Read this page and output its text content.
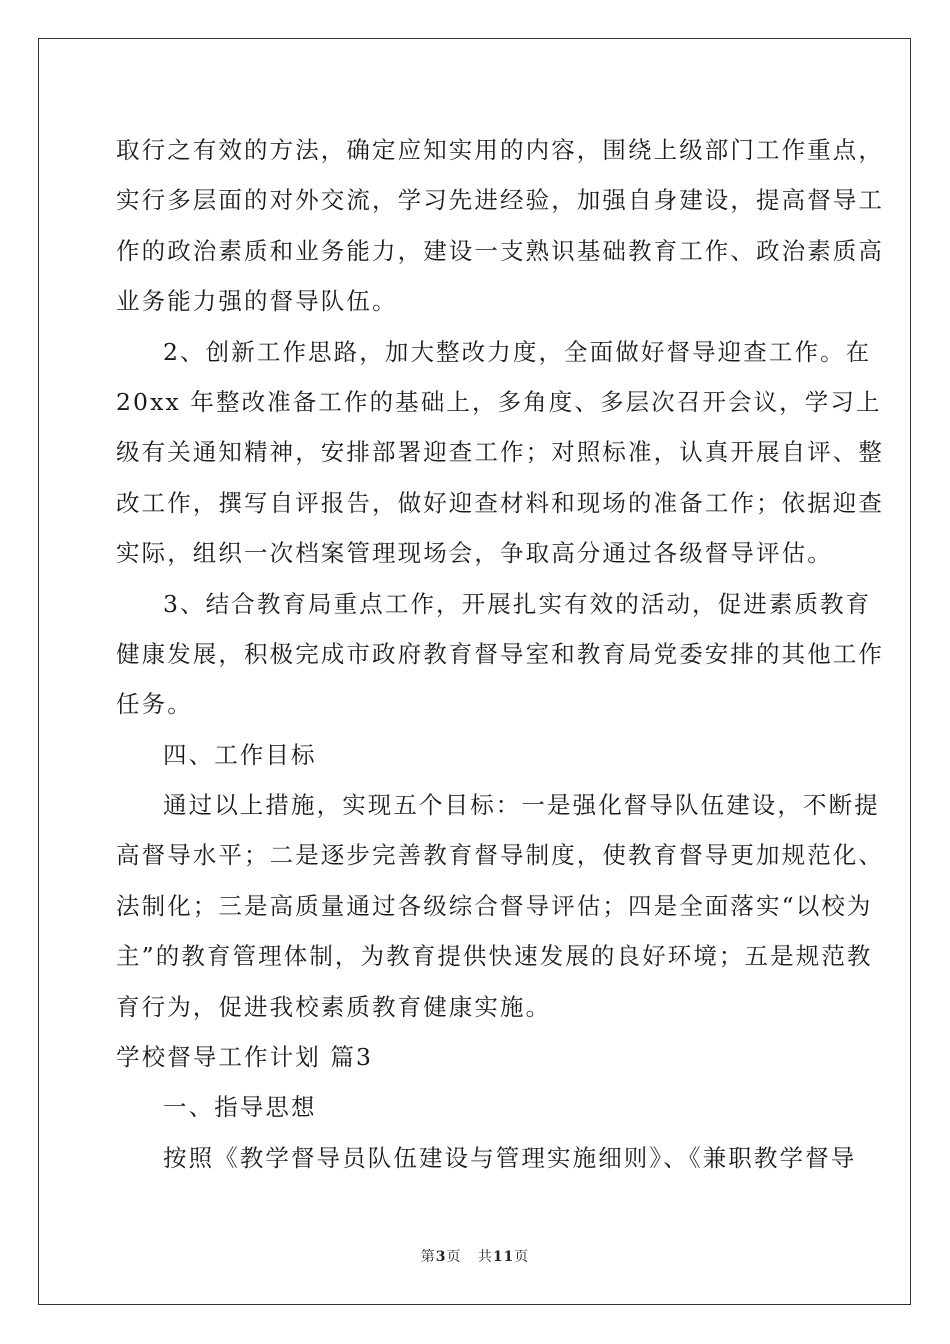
取行之有效的方法，确定应知实用的内容，围绕上级部门工作重点，
实行多层面的对外交流，学习先进经验，加强自身建设，提高督导工
作的政治素质和业务能力，建设一支熟识基础教育工作、政治素质高
业务能力强的督导队伍。
2、创新工作思路，加大整改力度，全面做好督导迎查工作。在
20xx 年整改准备工作的基础上，多角度、多层次召开会议，学习上
级有关通知精神，安排部署迎查工作；对照标准，认真开展自评、整
改工作，撰写自评报告，做好迎查材料和现场的准备工作；依据迎查
实际，组织一次档案管理现场会，争取高分通过各级督导评估。
3、结合教育局重点工作，开展扎实有效的活动，促进素质教育
健康发展，积极完成市政府教育督导室和教育局党委安排的其他工作
任务。
四、工作目标
通过以上措施，实现五个目标：一是强化督导队伍建设，不断提
高督导水平；二是逐步完善教育督导制度，使教育督导更加规范化、
法制化；三是高质量通过各级综合督导评估；四是全面落实“以校为
主”的教育管理体制，为教育提供快速发展的良好环境；五是规范教
育行为，促进我校素质教育健康实施。
学校督导工作计划 篇3
一、指导思想
按照《教学督导员队伍建设与管理实施细则》、《兼职教学督导
第3页 共11页
